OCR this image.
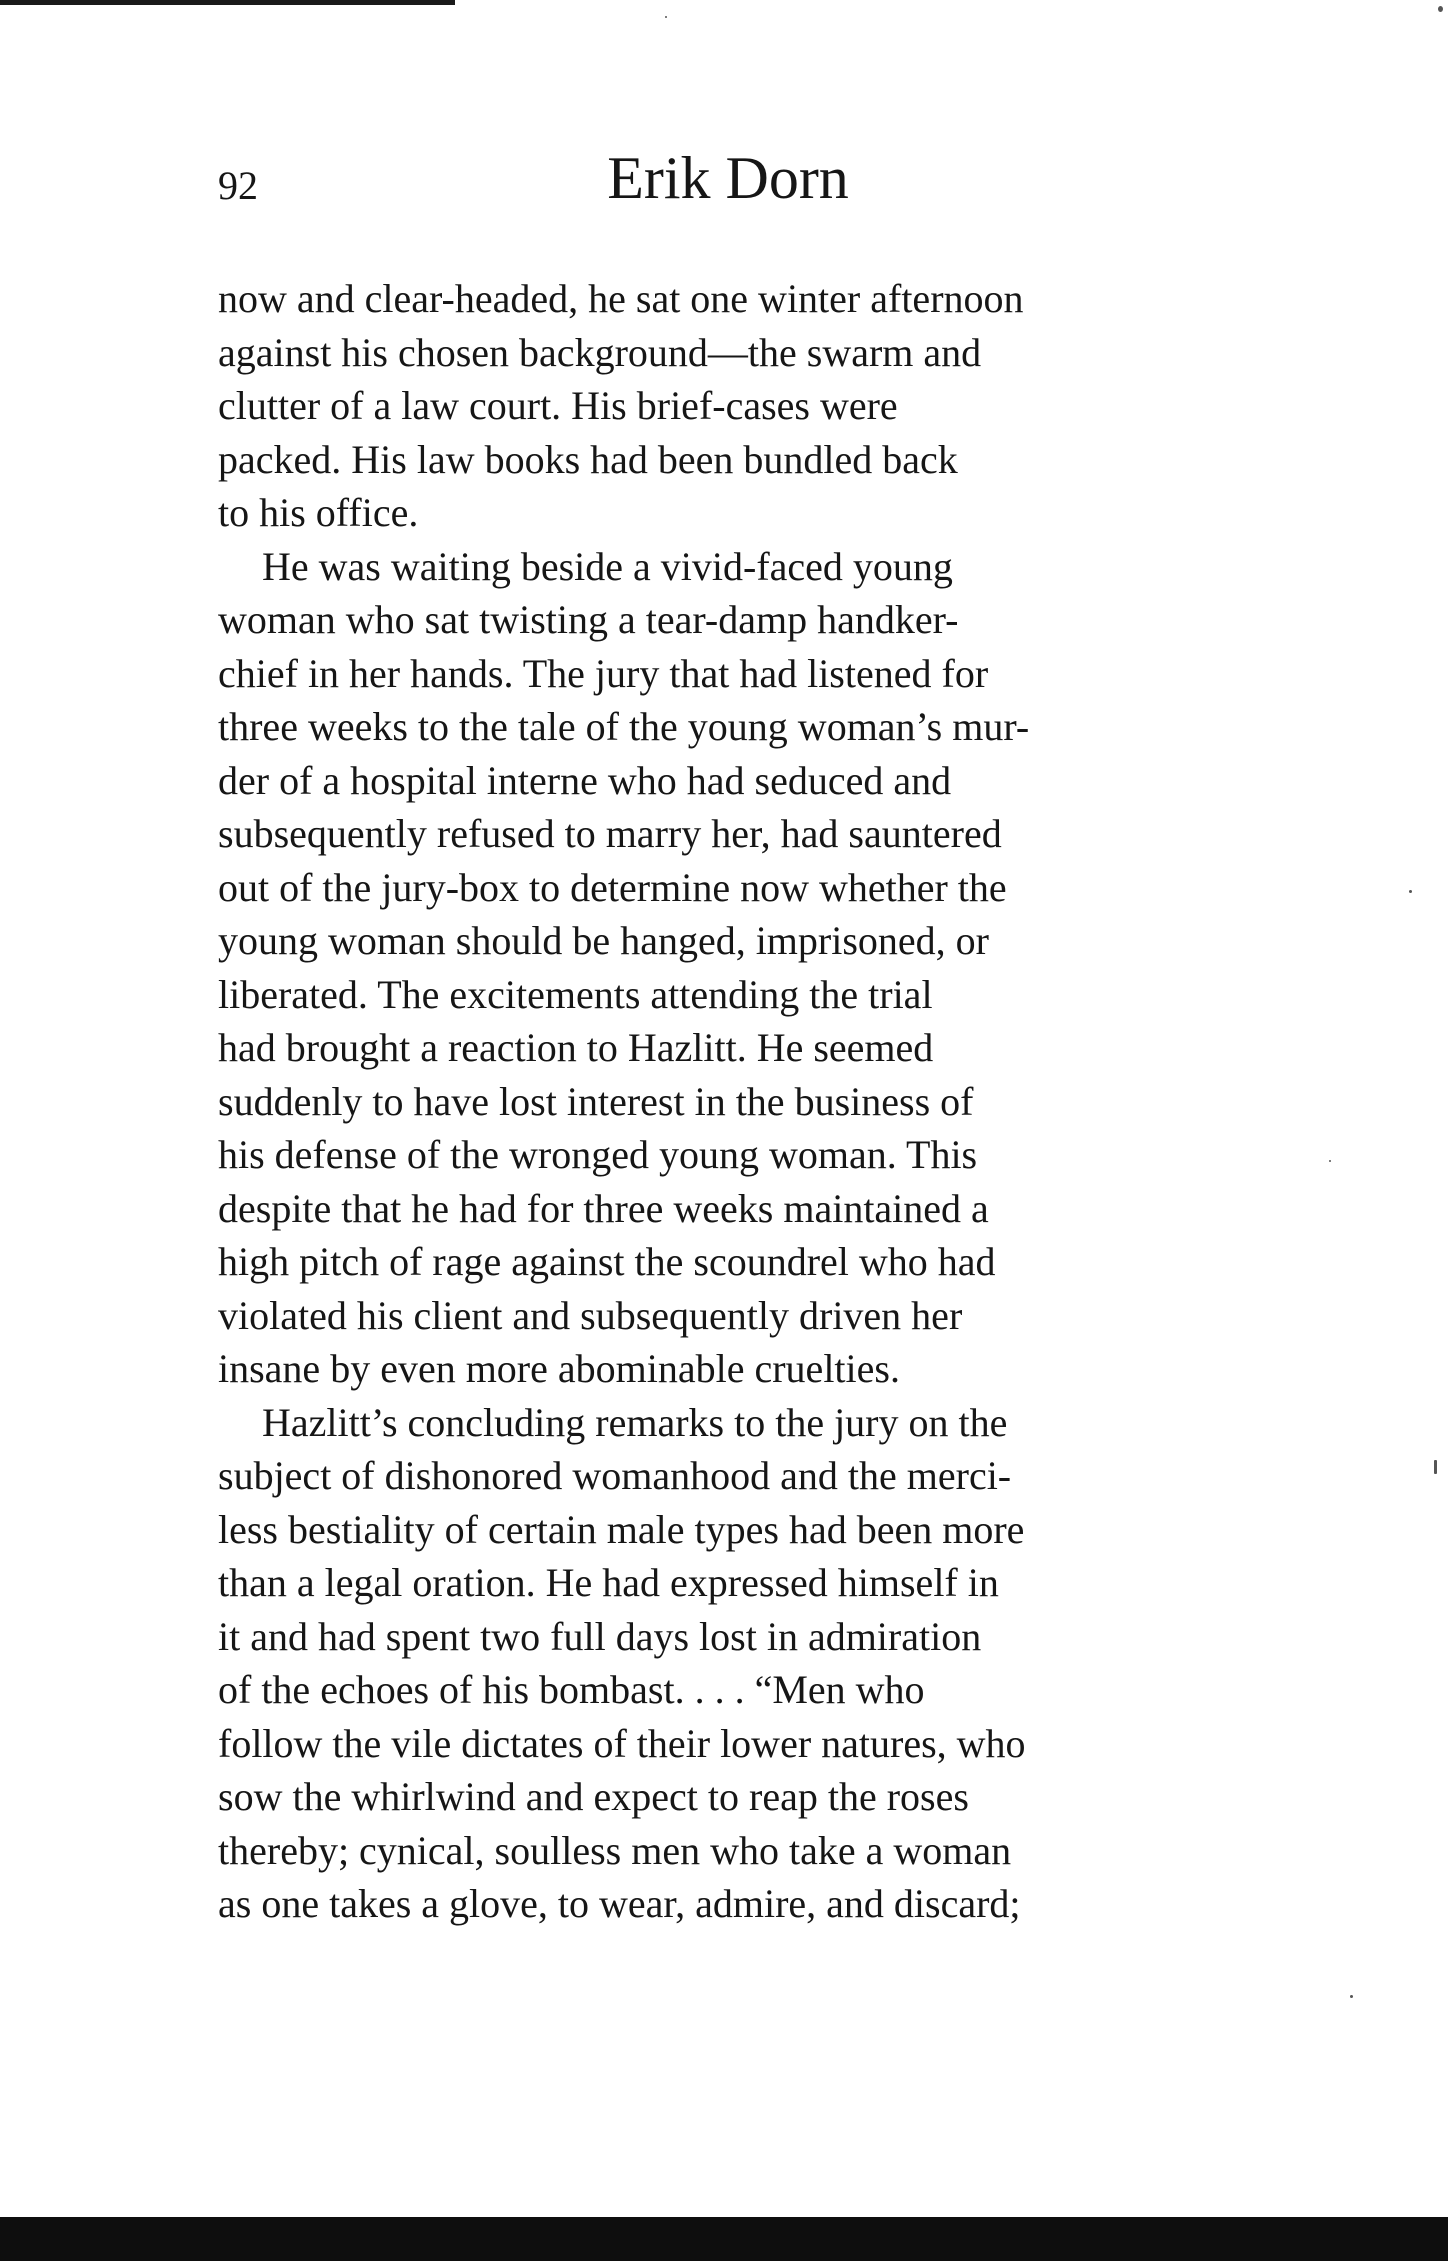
92	Erik Dorn
now and clear-headed, he sat one winter afternoon
against his chosen background—the swarm and
clutter of a law court. His brief-cases were
packed. His law books had been bundled back
to his office.
He was waiting beside a vivid-faced young
woman who sat twisting a tear-damp handker-
chief in her hands. The jury that had listened for
three weeks to the tale of the young woman’s mur-
der of a hospital interne who had seduced and
subsequently refused to marry her, had sauntered
out of the jury-box to determine now whether the
young woman should be hanged, imprisoned, or
liberated. The excitements attending the trial
had brought a reaction to Hazlitt. He seemed
suddenly to have lost interest in the business of
his defense of the wronged young woman. This
despite that he had for three weeks maintained a
high pitch of rage against the scoundrel who had
violated his client and subsequently driven her
insane by even more abominable cruelties.
Hazlitt’s concluding remarks to the jury on the
subject of dishonored womanhood and the merci-
less bestiality of certain male types had been more
than a legal oration. He had expressed himself in
it and had spent two full days lost in admiration
of the echoes of his bombast. . . . “Men who
follow the vile dictates of their lower natures, who
sow the whirlwind and expect to reap the roses
thereby; cynical, soulless men who take a woman
as one takes a glove, to wear, admire, and discard;
